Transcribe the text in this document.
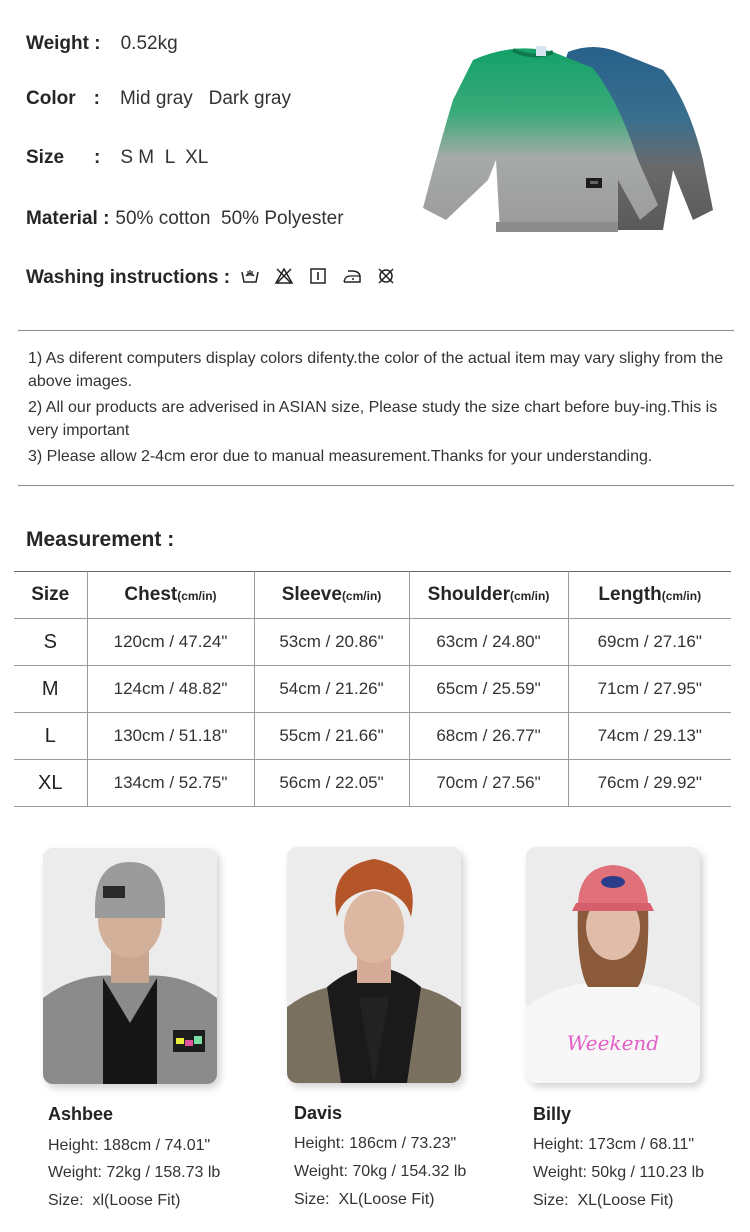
Weight : 0.52kg
Color : Mid gray   Dark gray
Size : S M  L  XL
Material : 50% cotton  50% Polyester
Washing instructions :

1) As diferent computers display colors difenty.the color of the actual item may vary slighy from the above images.

2) All our products are adverised in ASIAN size, Please study the size chart before buy-ing.This is very important

3) Please allow 2-4cm eror due to manual measurement.Thanks for your understanding.

Measurement :
Size	Chest(cm/in)	Sleeve(cm/in)	Shoulder(cm/in)	Length(cm/in)
S	120cm / 47.24"	53cm / 20.86"	63cm / 24.80"	69cm / 27.16"
M	124cm / 48.82"	54cm / 21.26"	65cm / 25.59"	71cm / 27.95"
L	130cm / 51.18"	55cm / 21.66"	68cm / 26.77"	74cm / 29.13"
XL	134cm / 52.75"	56cm / 22.05"	70cm / 27.56"	76cm / 29.92"
Ashbee
Height: 188cm / 74.01"
Weight: 72kg / 158.73 lb
Size:  xl(Loose Fit)
Davis
Height: 186cm / 73.23"
Weight: 70kg / 154.32 lb
Size:  XL(Loose Fit)
Weekend
Billy
Height: 173cm / 68.11"
Weight: 50kg / 110.23 lb
Size:  XL(Loose Fit)
